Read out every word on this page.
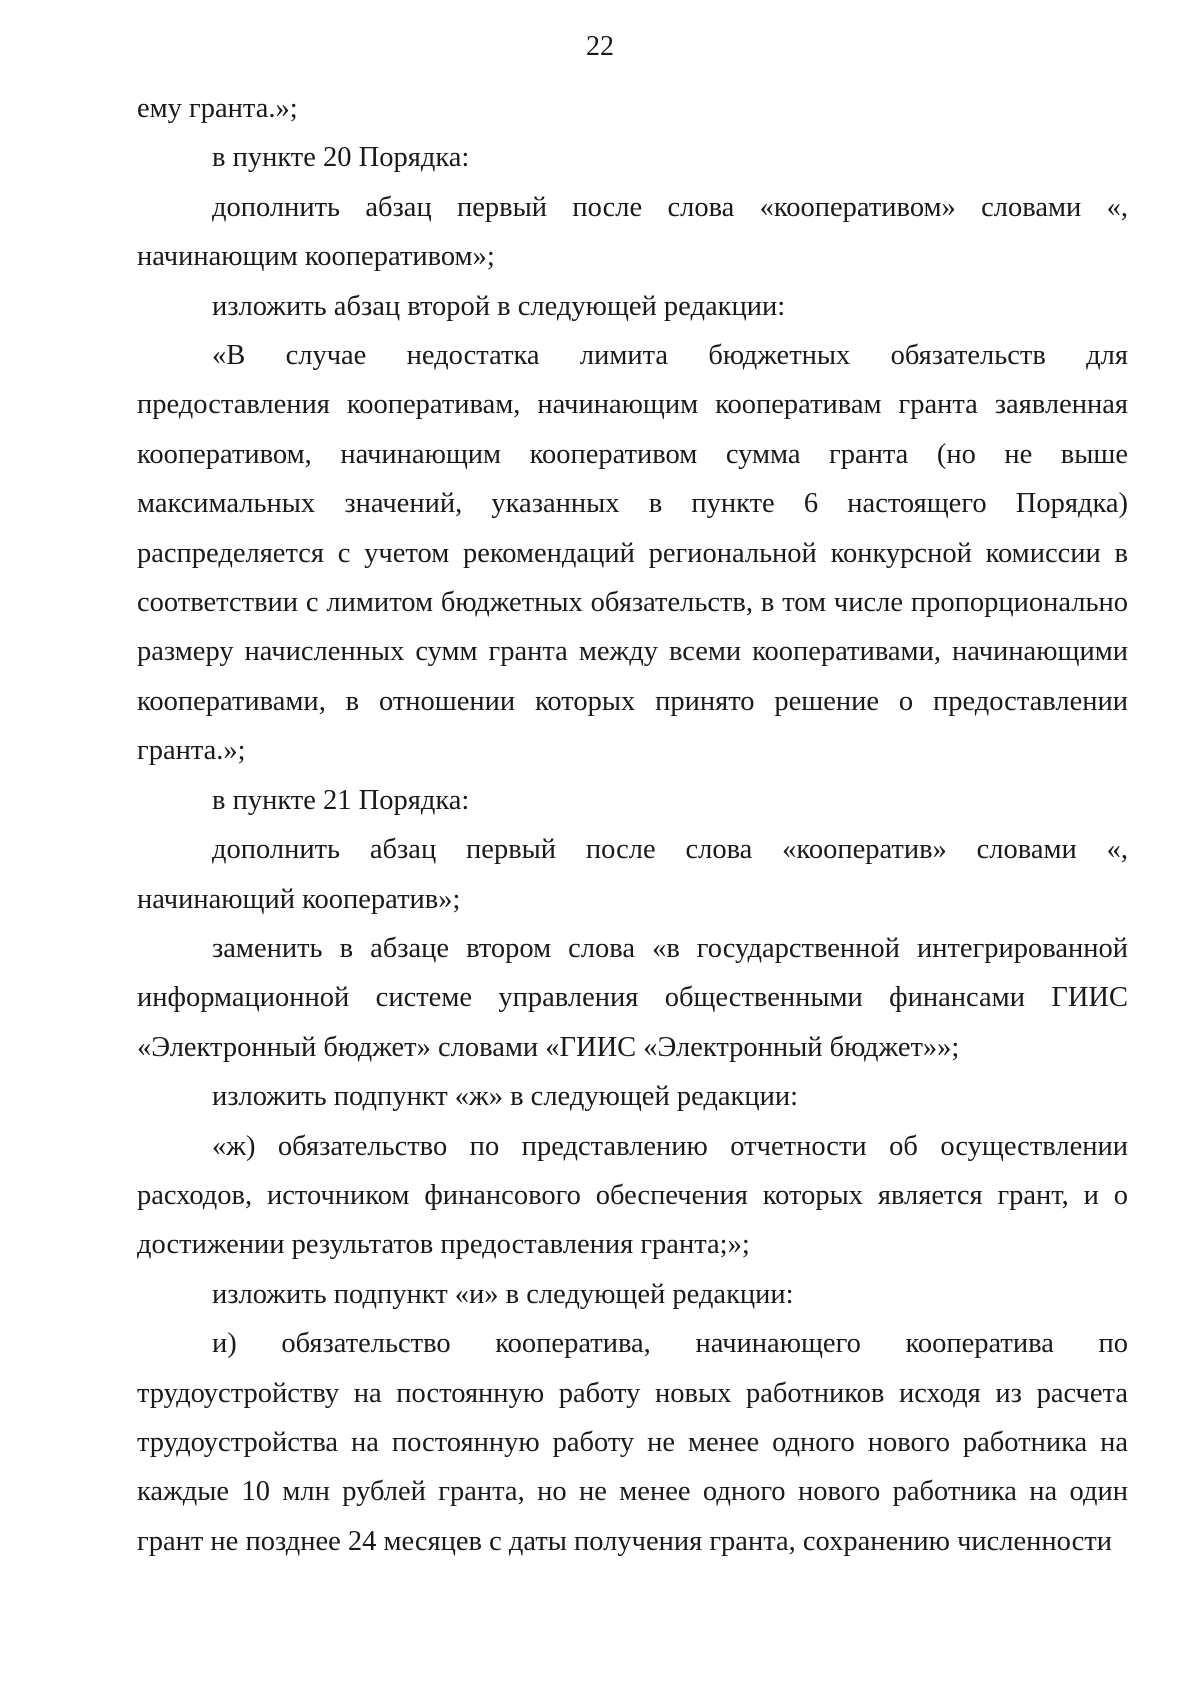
22

ему гранта.»;

в пункте 20 Порядка:

дополнить абзац первый после слова «кооперативом» словами «, начинающим кооперативом»;

изложить абзац второй в следующей редакции:

«В случае недостатка лимита бюджетных обязательств для предоставления кооперативам, начинающим кооперативам гранта заявленная кооперативом, начинающим кооперативом сумма гранта (но не выше максимальных значений, указанных в пункте 6 настоящего Порядка) распределяется с учетом рекомендаций региональной конкурсной комиссии в соответствии с лимитом бюджетных обязательств, в том числе пропорционально размеру начисленных сумм гранта между всеми кооперативами, начинающими кооперативами, в отношении которых принято решение о предоставлении гранта.»;

в пункте 21 Порядка:

дополнить абзац первый после слова «кооператив» словами «, начинающий кооператив»;

заменить в абзаце втором слова «в государственной интегрированной информационной системе управления общественными финансами ГИИС «Электронный бюджет» словами «ГИИС «Электронный бюджет»»;

изложить подпункт «ж» в следующей редакции:

«ж) обязательство по представлению отчетности об осуществлении расходов, источником финансового обеспечения которых является грант, и о достижении результатов предоставления гранта;»;

изложить подпункт «и» в следующей редакции:

и) обязательство кооператива, начинающего кооператива по трудоустройству на постоянную работу новых работников исходя из расчета трудоустройства на постоянную работу не менее одного нового работника на каждые 10 млн рублей гранта, но не менее одного нового работника на один грант не позднее 24 месяцев с даты получения гранта, сохранению численности
